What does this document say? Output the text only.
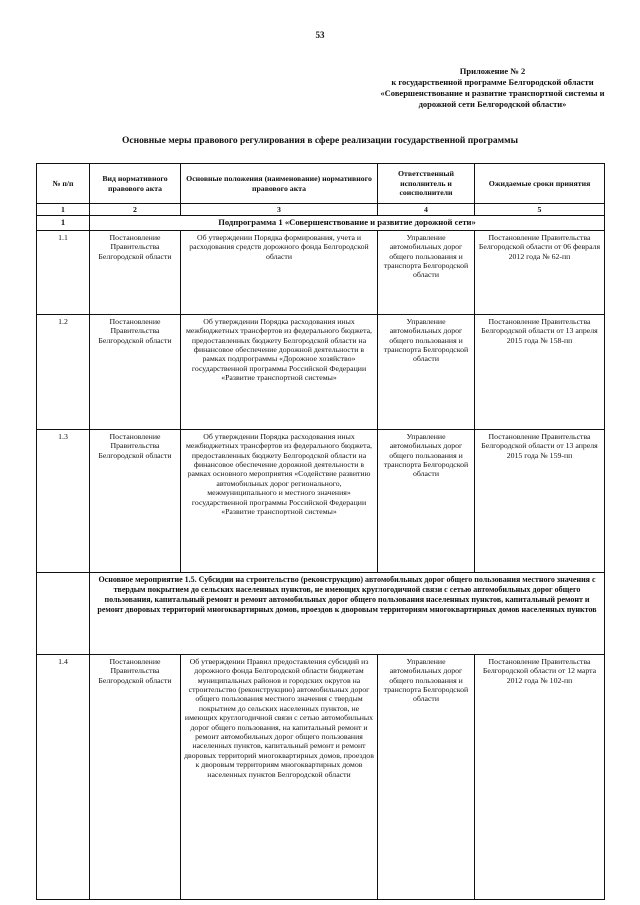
53
Приложение № 2
к государственной программе Белгородской области
«Совершенствование и развитие транспортной системы и
дорожной сети Белгородской области»
Основные меры правового регулирования в сфере реализации государственной программы
№ п/п	Вид нормативного правового акта	Основные положения (наименование) нормативного правового акта	Ответственный исполнитель и соисполнители	Ожидаемые сроки принятия
1	2	3	4	5
1	Подпрограмма 1 «Совершенствование и развитие дорожной сети»			
1.1	Постановление Правительства Белгородской области	Об утверждении Порядка формирования, учета и расходования средств дорожного фонда Белгородской области	Управление автомобильных дорог общего пользования и транспорта Белгородской области	Постановление Правительства Белгородской области от 06 февраля 2012 года № 62-пп
1.2	Постановление Правительства Белгородской области	Об утверждении Порядка расходования иных межбюджетных трансфертов из федерального бюджета, предоставленных бюджету Белгородской области на финансовое обеспечение дорожной деятельности в рамках подпрограммы «Дорожное хозяйство» государственной программы Российской Федерации «Развитие транспортной системы»	Управление автомобильных дорог общего пользования и транспорта Белгородской области	Постановление Правительства Белгородской области от 13 апреля 2015 года № 158-пп
1.3	Постановление Правительства Белгородской области	Об утверждении Порядка расходования иных межбюджетных трансфертов из федерального бюджета, предоставленных бюджету Белгородской области на финансовое обеспечение дорожной деятельности в рамках основного мероприятия «Содействие развитию автомобильных дорог регионального, межмуниципального и местного значения» государственной программы Российской Федерации «Развитие транспортной системы»	Управление автомобильных дорог общего пользования и транспорта Белгородской области	Постановление Правительства Белгородской области от 13 апреля 2015 года № 159-пп
	Основное мероприятие 1.5. Субсидии на строительство (реконструкцию) автомобильных дорог общего пользования местного значения с твердым покрытием до сельских населенных пунктов, не имеющих круглогодичной связи с сетью автомобильных дорог общего пользования, капитальный ремонт и ремонт автомобильных дорог общего пользования населенных пунктов, капитальный ремонт и ремонт дворовых территорий многоквартирных домов, проездов к дворовым территориям многоквартирных домов населенных пунктов			
1.4	Постановление Правительства Белгородской области	Об утверждении Правил предоставления субсидий из дорожного фонда Белгородской области бюджетам муниципальных районов и городских округов на строительство (реконструкцию) автомобильных дорог общего пользования местного значения с твердым покрытием до сельских населенных пунктов, не имеющих круглогодичной связи с сетью автомобильных дорог общего пользования, на капитальный ремонт и ремонт автомобильных дорог общего пользования населенных пунктов, капитальный ремонт и ремонт дворовых территорий многоквартирных домов, проездов к дворовым территориям многоквартирных домов населенных пунктов Белгородской области	Управление автомобильных дорог общего пользования и транспорта Белгородской области	Постановление Правительства Белгородской области от 12 марта 2012 года № 102-пп
